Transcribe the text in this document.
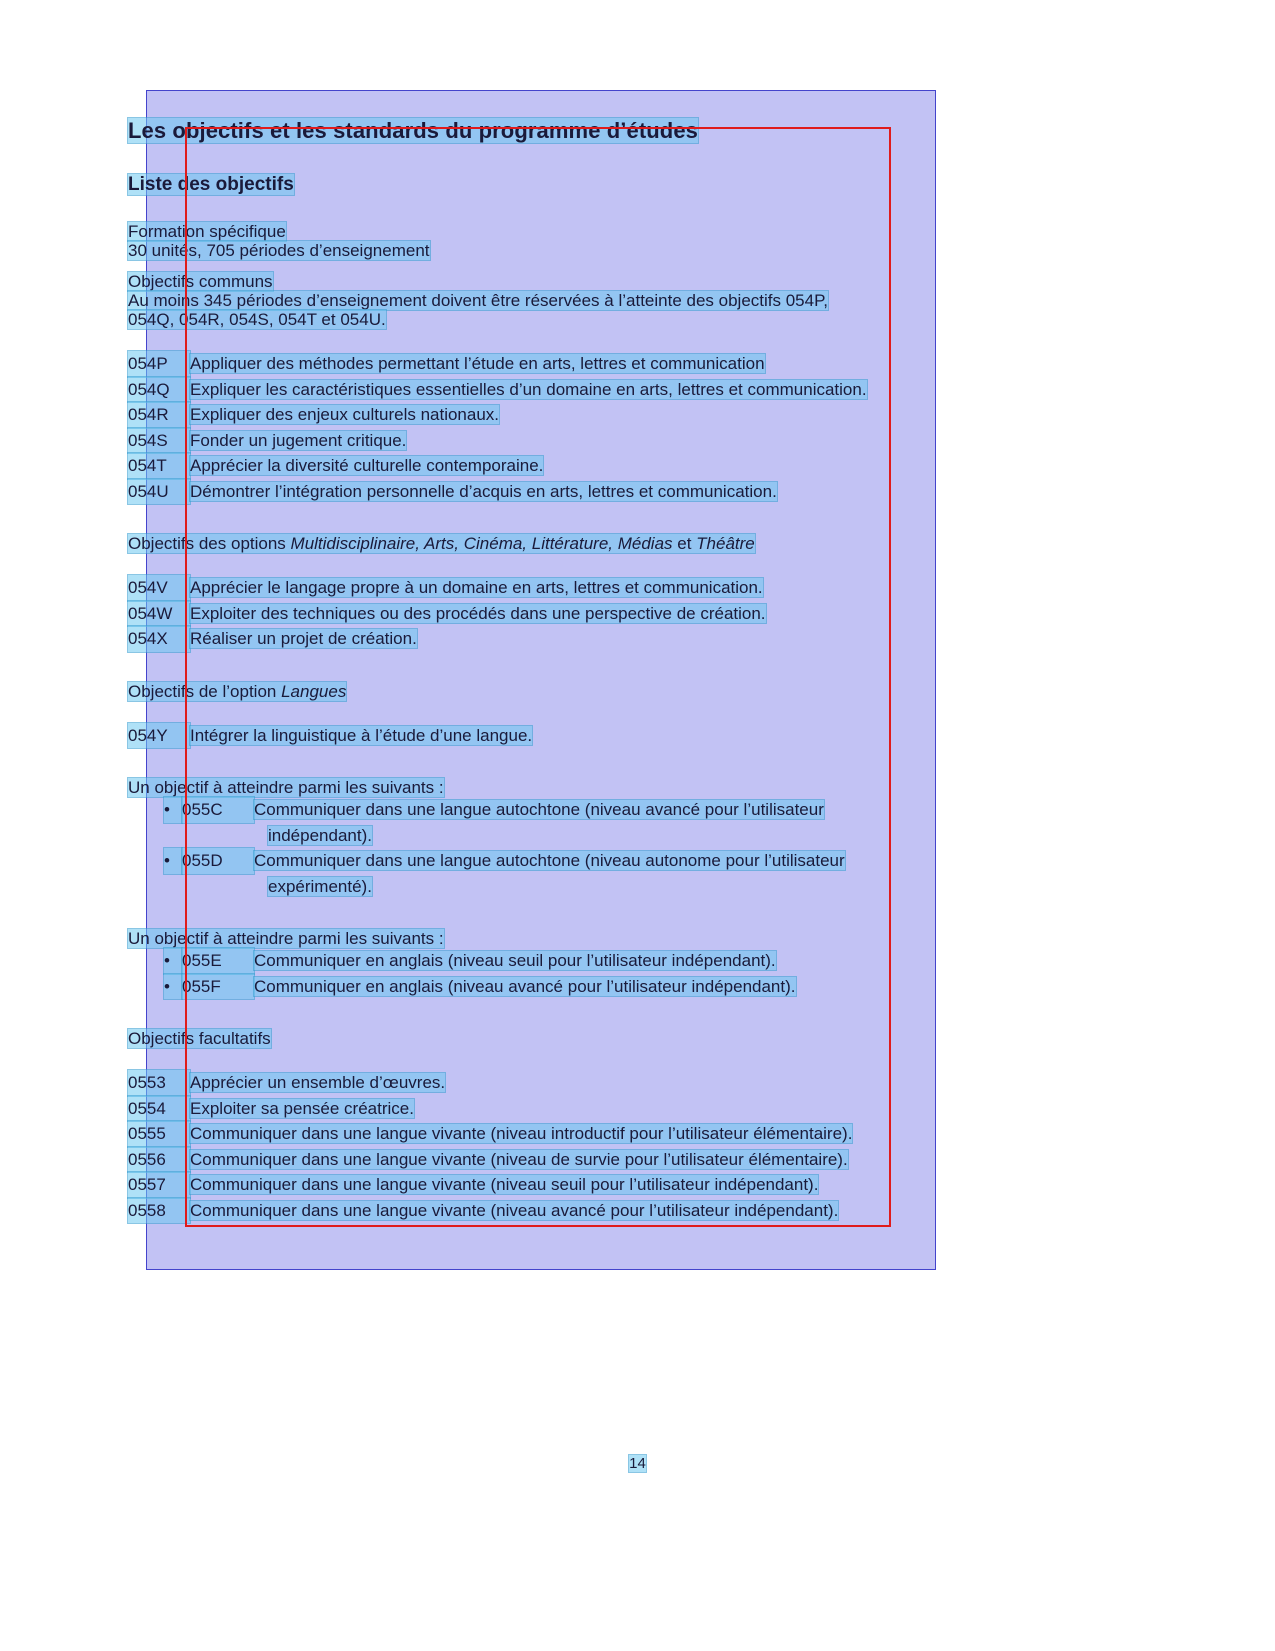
Les objectifs et les standards du programme d’études
Liste des objectifs

Formation spécifique

30 unités, 705 périodes d’enseignement

Objectifs communs

Au moins 345 périodes d’enseignement doivent être réservées à l’atteinte des objectifs 054P,

054Q, 054R, 054S, 054T et 054U.

054P Appliquer des méthodes permettant l’étude en arts, lettres et communication

054Q Expliquer les caractéristiques essentielles d’un domaine en arts, lettres et communication.

054R Expliquer des enjeux culturels nationaux.

054S Fonder un jugement critique.

054T Apprécier la diversité culturelle contemporaine.

054U Démontrer l’intégration personnelle d’acquis en arts, lettres et communication.

Objectifs des options Multidisciplinaire, Arts, Cinéma, Littérature, Médias et Théâtre

054V Apprécier le langage propre à un domaine en arts, lettres et communication.

054W Exploiter des techniques ou des procédés dans une perspective de création.

054X Réaliser un projet de création.

Objectifs de l’option Langues

054Y Intégrer la linguistique à l’étude d’une langue.

Un objectif à atteindre parmi les suivants :

• 055C Communiquer dans une langue autochtone (niveau avancé pour l’utilisateur

indépendant).

• 055D Communiquer dans une langue autochtone (niveau autonome pour l’utilisateur

expérimenté).

Un objectif à atteindre parmi les suivants :

• 055E Communiquer en anglais (niveau seuil pour l’utilisateur indépendant).

• 055F Communiquer en anglais (niveau avancé pour l’utilisateur indépendant).

Objectifs facultatifs

0553 Apprécier un ensemble d’œuvres.

0554 Exploiter sa pensée créatrice.

0555 Communiquer dans une langue vivante (niveau introductif pour l’utilisateur élémentaire).

0556 Communiquer dans une langue vivante (niveau de survie pour l’utilisateur élémentaire).

0557 Communiquer dans une langue vivante (niveau seuil pour l’utilisateur indépendant).

0558 Communiquer dans une langue vivante (niveau avancé pour l’utilisateur indépendant).

14
